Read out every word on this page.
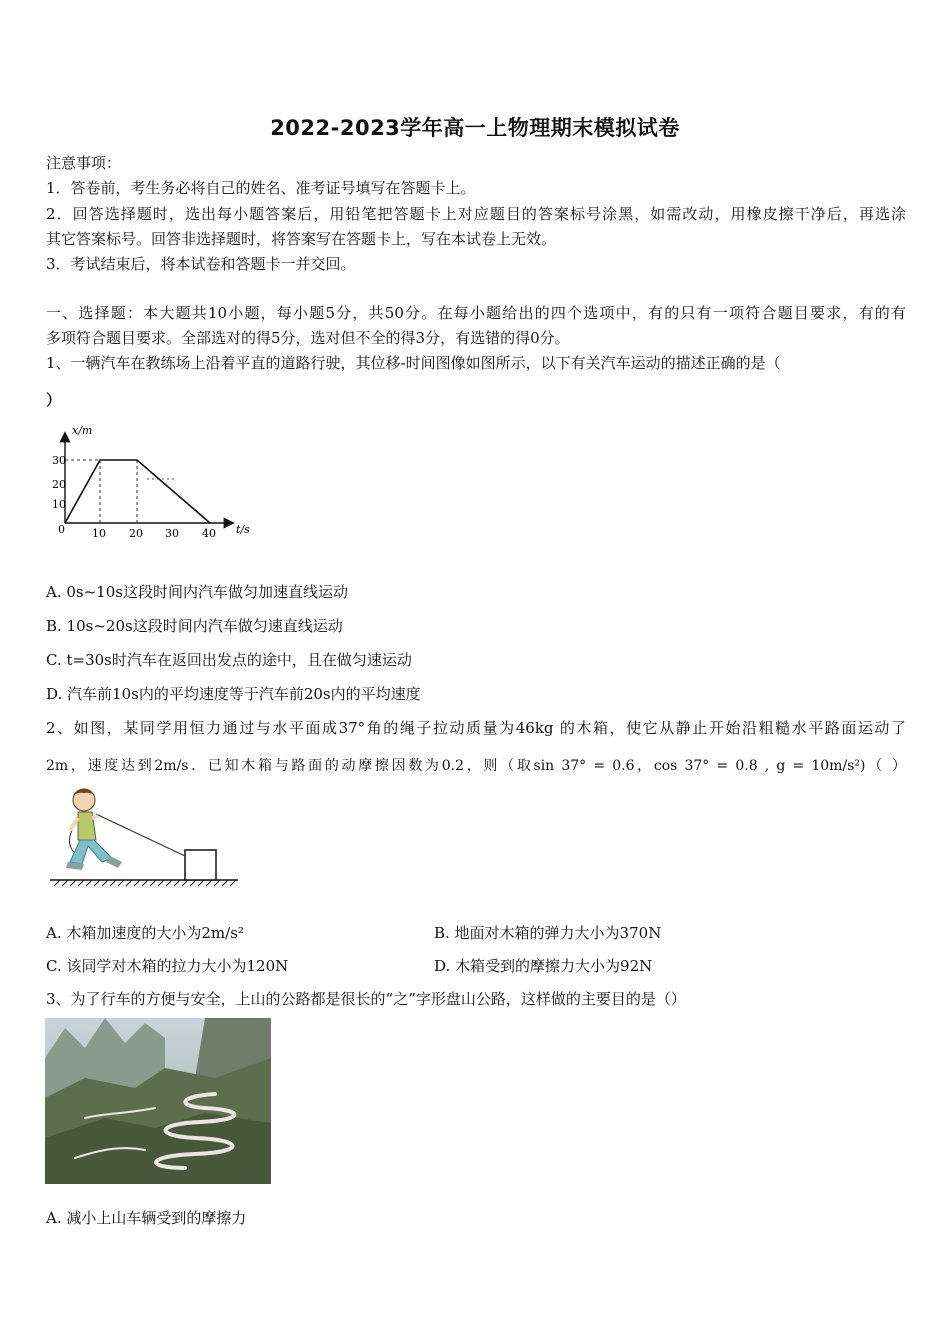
2022-2023学年高一上物理期末模拟试卷
注意事项：
1．答卷前，考生务必将自己的姓名、准考证号填写在答题卡上。
2．回答选择题时，选出每小题答案后，用铅笔把答题卡上对应题目的答案标号涂黑，如需改动，用橡皮擦干净后，再选涂
其它答案标号。回答非选择题时，将答案写在答题卡上，写在本试卷上无效。
3．考试结束后，将本试卷和答题卡一并交回。
一、选择题：本大题共10小题，每小题5分，共50分。在每小题给出的四个选项中，有的只有一项符合题目要求，有的有
多项符合题目要求。全部选对的得5分，选对但不全的得3分，有选错的得0分。
1、一辆汽车在教练场上沿着平直的道路行驶，其位移-时间图像如图所示，以下有关汽车运动的描述正确的是（
）
x/m
t/s
0
30
20
10
10 20 30 40
A. 0s~10s这段时间内汽车做匀加速直线运动
B. 10s~20s这段时间内汽车做匀速直线运动
C. t=30s时汽车在返回出发点的途中，且在做匀速运动
D. 汽车前10s内的平均速度等于汽车前20s内的平均速度
2、如图，某同学用恒力通过与水平面成37°角的绳子拉动质量为46kg 的木箱，使它从静止开始沿粗糙水平路面运动了
2m，速度达到2m/s．已知木箱与路面的动摩擦因数为0.2，则（取sin 37° = 0.6，cos 37° = 0.8 , g = 10m/s²)（ ）
A. 木箱加速度的大小为2m/s²	B. 地面对木箱的弹力大小为370N
C. 该同学对木箱的拉力大小为120N	D. 木箱受到的摩擦力大小为92N
3、为了行车的方便与安全，上山的公路都是很长的“之”字形盘山公路，这样做的主要目的是（）
A. 减小上山车辆受到的摩擦力
